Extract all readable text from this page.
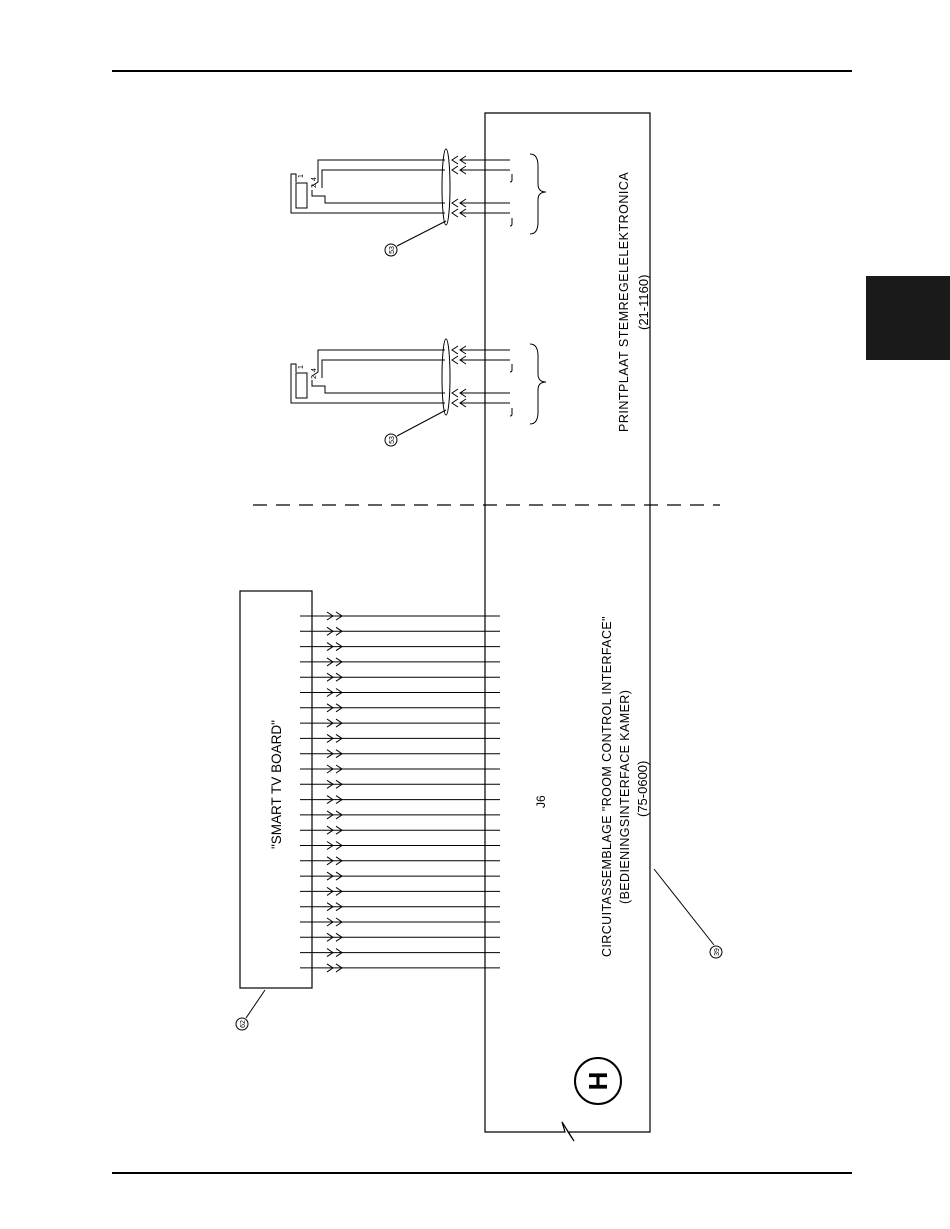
PRINTPLAAT STEMREGELELEKTRONICA (21-1160)
CIRCUITASSEMBLAGE "ROOM CONTROL INTERFACE" (BEDIENINGSINTERFACE KAMER) (75-0600)
J6
H
"SMART TV BOARD"
39
62
53
53
1
2
4
1
2
4
